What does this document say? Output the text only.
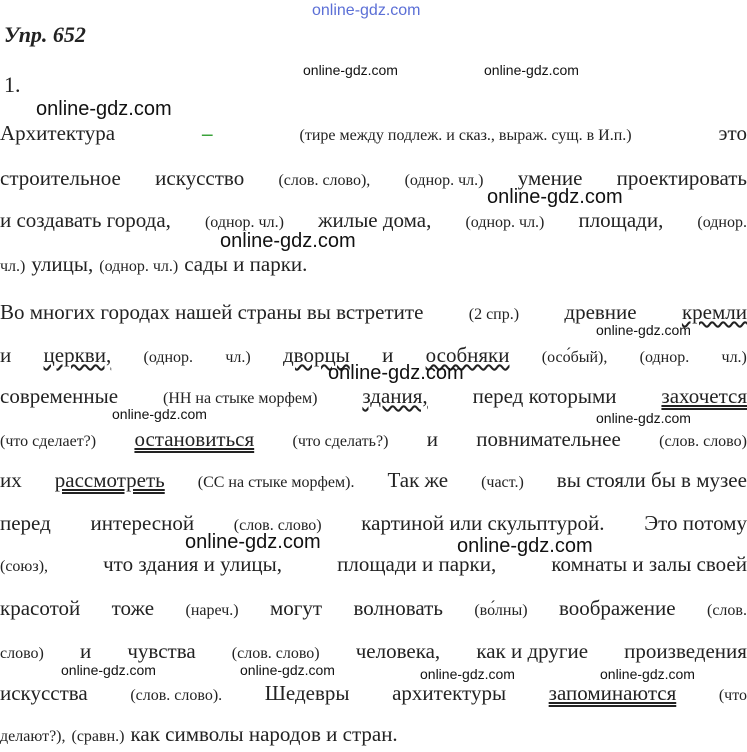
online-gdz.com
Упр. 652
1.
Архитектура	–	(тире между подлеж. и сказ., выраж. сущ. в И.п.)	это
строительное искусство (слов. слово), (однор. чл.) умение проектировать
и создавать города, (однор. чл.) жилые дома, (однор. чл.) площади, (однор.
чл.) улицы, (однор. чл.) сады и парки.
Во многих городах нашей страны вы встретите	(2 спр.) древние кремли
и церкви, (однор. чл.) дворцы и особняки (осо́бый), (однор. чл.)
современные	(НН на стыке морфем) здания, перед которыми захочется
(что сделает?) остановиться (что сделать?) и повнимательнее (слов. слово)
их рассмотреть (СС на стыке морфем). Так же (част.) вы стояли бы в музее
перед интересной (слов. слово) картиной или скульптурой. Это потому
(союз),	что здания и улицы,	площади и парки,	комнаты и залы своей
красотой тоже (нареч.) могут волновать (во́лны) воображение (слов.
слово) и чувства (слов. слово) человека, как и другие произведения
искусства	(слов. слово). Шедевры архитектуры запоминаются	(что
делают?), (сравн.) как символы народов и стран.
online-gdz.com	online-gdz.com
online-gdz.com
online-gdz.com
online-gdz.com
online-gdz.com
online-gdz.com
online-gdz.com	online-gdz.com
online-gdz.com	online-gdz.com
online-gdz.com	online-gdz.com	online-gdz.com	online-gdz.com
